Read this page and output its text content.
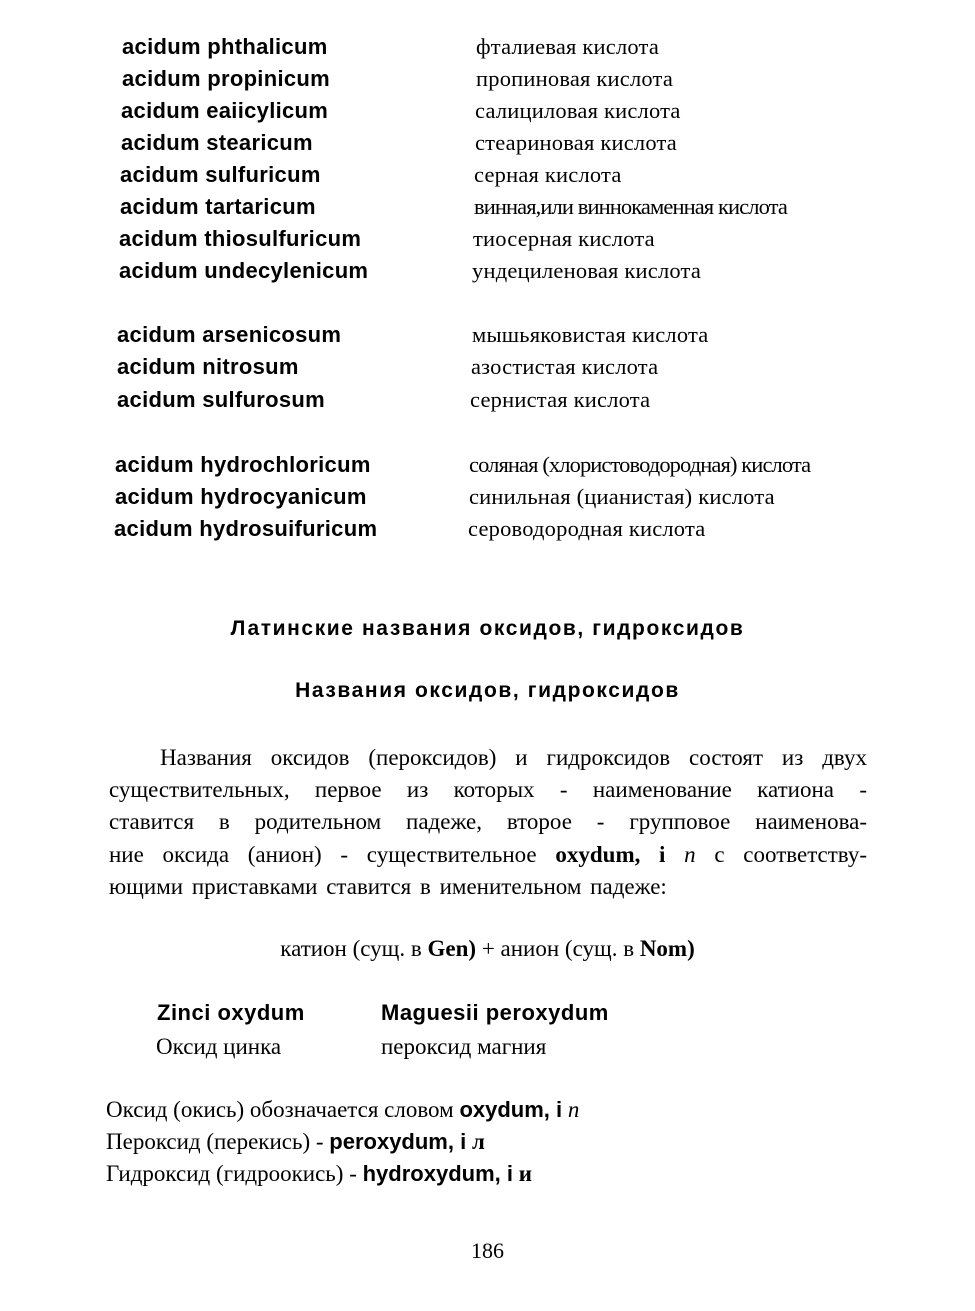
acidum phthalicum	фталиевая кислота
acidum propinicum	пропиновая кислота
acidum eaiicylicum	салициловая кислота
acidum stearicum	стеариновая кислота
acidum sulfuricum	серная кислота
acidum tartaricum	винная,или виннокаменная кислота
acidum thiosulfuricum	тиосерная кислота
acidum undecylenicum	ундециленовая кислота
acidum arsenicosum	мышьяковистая кислота
acidum nitrosum	азостистая кислота
acidum sulfurosum	сернистая кислота
acidum hydrochloricum	соляная (хлористоводородная) кислота
acidum hydrocyanicum	синильная (цианистая) кислота
acidum hydrosuifuricum	сероводородная кислота
Латинские названия оксидов, гидроксидов
Названия оксидов, гидроксидов
Названия оксидов (пероксидов) и гидроксидов состоят из двух
существительных, первое из которых - наименование катиона -
ставится в родительном падеже, второе - групповое наименова-
ние оксида (анион) - существительное oxydum, i n с соответству-
ющими приставками ставится в именительном падеже:
катион (сущ. в Gen) + анион (сущ. в Nom)
Zinci oxydum	Maguesii peroxydum
Оксид цинка	пероксид магния
Оксид (окись) обозначается словом oxydum, i n
Пероксид (перекись) - peroxydum, i л
Гидроксид (гидроокись) - hydroxydum, i и
186
